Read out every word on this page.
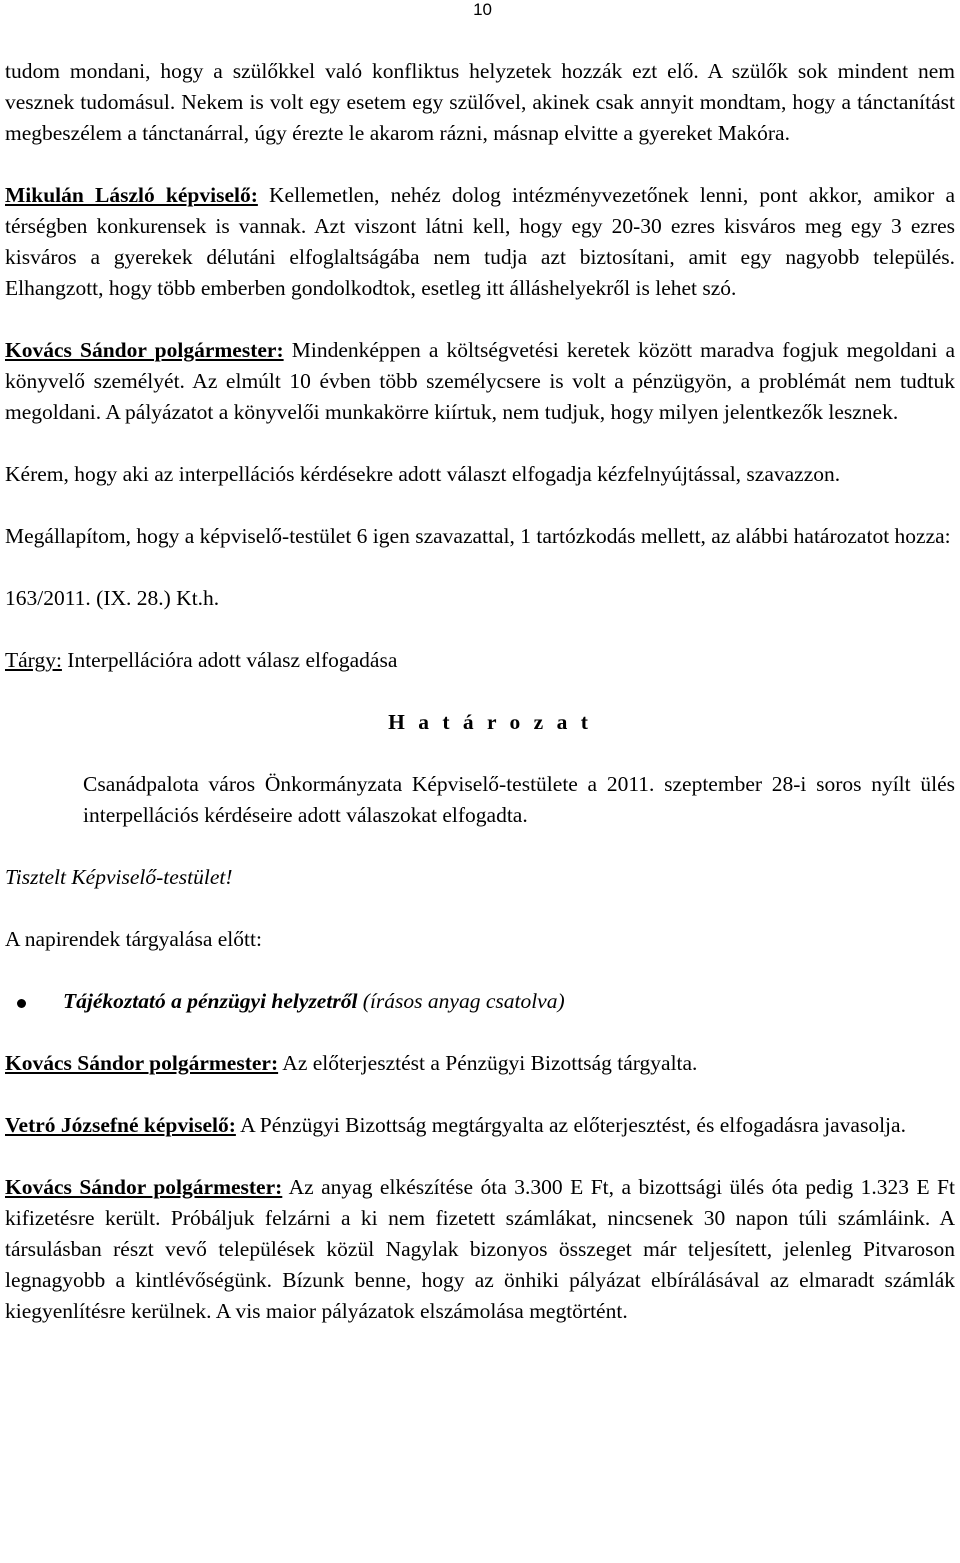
10

tudom mondani, hogy a szülőkkel való konfliktus helyzetek hozzák ezt elő. A szülők sok mindent nem vesznek tudomásul. Nekem is volt egy esetem egy szülővel, akinek csak annyit mondtam, hogy a tánctanítást megbeszélem a tánctanárral, úgy érezte le akarom rázni, másnap elvitte a gyereket Makóra.

Mikulán László képviselő: Kellemetlen, nehéz dolog intézményvezetőnek lenni, pont akkor, amikor a térségben konkurensek is vannak. Azt viszont látni kell, hogy egy 20-30 ezres kisváros meg egy 3 ezres kisváros a gyerekek délutáni elfoglaltságába nem tudja azt biztosítani, amit egy nagyobb település. Elhangzott, hogy több emberben gondolkodtok, esetleg itt álláshelyekről is lehet szó.

Kovács Sándor polgármester: Mindenképpen a költségvetési keretek között maradva fogjuk megoldani a könyvelő személyét. Az elmúlt 10 évben több személycsere is volt a pénzügyön, a problémát nem tudtuk megoldani. A pályázatot a könyvelői munkakörre kiírtuk, nem tudjuk, hogy milyen jelentkezők lesznek.

Kérem, hogy aki az interpellációs kérdésekre adott választ elfogadja kézfelnyújtással, szavazzon.

Megállapítom, hogy a képviselő-testület 6 igen szavazattal, 1 tartózkodás mellett, az alábbi határozatot hozza:

163/2011. (IX. 28.) Kt.h.

Tárgy: Interpellációra adott válasz elfogadása

H a t á r o z a t

Csanádpalota város Önkormányzata Képviselő-testülete a 2011. szeptember 28-i soros nyílt ülés interpellációs kérdéseire adott válaszokat elfogadta.

Tisztelt Képviselő-testület!

A napirendek tárgyalása előtt:

Tájékoztató a pénzügyi helyzetről (írásos anyag csatolva)

Kovács Sándor polgármester: Az előterjesztést a Pénzügyi Bizottság tárgyalta.

Vetró Józsefné képviselő: A Pénzügyi Bizottság megtárgyalta az előterjesztést, és elfogadásra javasolja.

Kovács Sándor polgármester: Az anyag elkészítése óta 3.300 E Ft, a bizottsági ülés óta pedig 1.323 E Ft kifizetésre került. Próbáljuk felzárni a ki nem fizetett számlákat, nincsenek 30 napon túli számláink. A társulásban részt vevő települések közül Nagylak bizonyos összeget már teljesített, jelenleg Pitvaroson legnagyobb a kintlévőségünk. Bízunk benne, hogy az önhiki pályázat elbírálásával az elmaradt számlák kiegyenlítésre kerülnek. A vis maior pályázatok elszámolása megtörtént.
